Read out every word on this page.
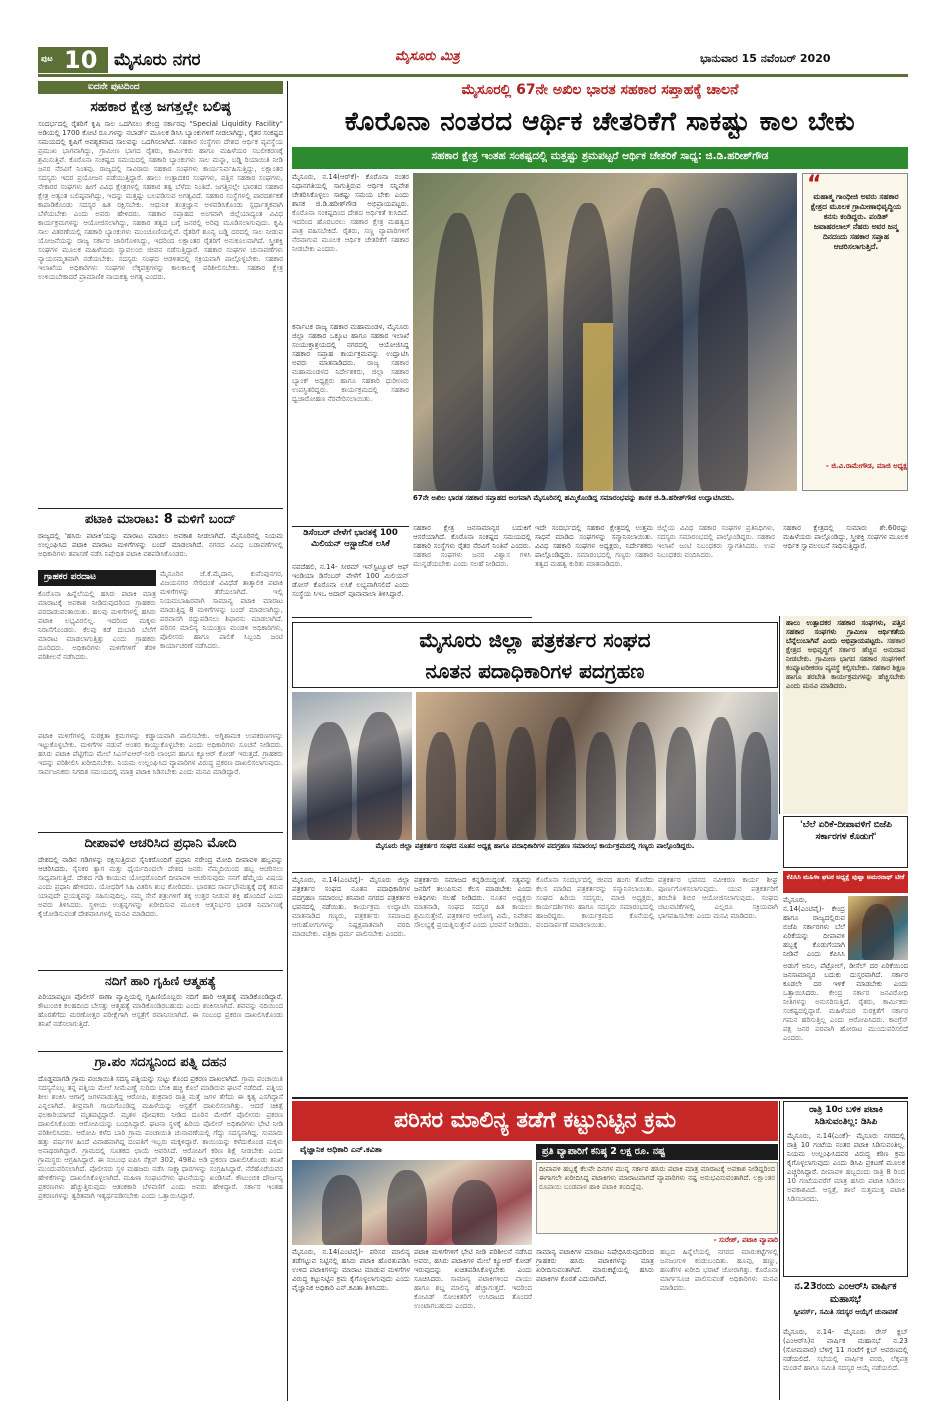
ಪುಟ 10 ಮೈಸೂರು ನಗರ	ಮೈಸೂರು ಮಿತ್ರ	ಭಾನುವಾರ 15 ನವೆಂಬರ್ 2020
ಐದನೇ ಪುಟದಿಂದ
ಸಹಕಾರ ಕ್ಷೇತ್ರ ಜಗತ್ತಲ್ಲೇ ಬಲಿಷ್ಠ
ಸಂದರ್ಭದಲ್ಲಿ ರೈತರಿಗೆ ಕೃಷಿ ಸಾಲ ಒದಗಿಸಲು ಕೇಂದ್ರ ಸರ್ಕಾರವು "Special Liquidity Facility" ಅಡಿಯಲ್ಲಿ 1700 ಕೋಟಿ ರೂ.ಗಳನ್ನು ನಬಾರ್ಡ್ ಮೂಲಕ ಡಿಸಿಸಿ ಬ್ಯಾಂಕುಗಳಿಗೆ ನೀಡಲಾಗಿದ್ದು, ರೈತರ ಸಂಕಷ್ಟದ ಸಮಯದಲ್ಲಿ ಕೃಷಿಗೆ ಅವಶ್ಯಕವಾದ ಸಾಲವನ್ನು ಒದಗಿಸಲಾಗಿದೆ. ಸಹಕಾರ ಸಂಸ್ಥೆಗಳು ದೇಶದ ಆರ್ಥಿಕ ವ್ಯವಸ್ಥೆಯ ಪ್ರಮುಖ ಭಾಗವಾಗಿದ್ದು, ಗ್ರಾಮೀಣ ಭಾಗದ ರೈತರು, ಕಾರ್ಮಿಕರು ಹಾಗೂ ಮಹಿಳೆಯರ ಸಬಲೀಕರಣಕ್ಕೆ ಶ್ರಮಿಸುತ್ತಿವೆ. ಕೊರೊನಾ ಸಂಕಷ್ಟದ ಸಮಯದಲ್ಲಿ ಸಹಕಾರಿ ಬ್ಯಾಂಕುಗಳು ಸಾಲ ಮನ್ನಾ, ಬಡ್ಡಿ ರಿಯಾಯಿತಿ ನೀಡಿ ಜನರ ನೆರವಿಗೆ ನಿಂತವು. ರಾಜ್ಯದಲ್ಲಿ ಸಾವಿರಾರು ಸಹಕಾರ ಸಂಘಗಳು ಕಾರ್ಯನಿರ್ವಹಿಸುತ್ತಿದ್ದು, ಲಕ್ಷಾಂತರ ಸದಸ್ಯರು ಇದರ ಪ್ರಯೋಜನ ಪಡೆಯುತ್ತಿದ್ದಾರೆ. ಹಾಲು ಉತ್ಪಾದಕರ ಸಂಘಗಳು, ಪತ್ತಿನ ಸಹಕಾರ ಸಂಘಗಳು, ನೇಕಾರರ ಸಂಘಗಳು ಹೀಗೆ ವಿವಿಧ ಕ್ಷೇತ್ರಗಳಲ್ಲಿ ಸಹಕಾರ ತತ್ವ ಬೆಳೆದು ನಿಂತಿದೆ. ಜಗತ್ತಿನಲ್ಲೇ ಭಾರತದ ಸಹಕಾರ ಕ್ಷೇತ್ರ ಅತ್ಯಂತ ಬಲಿಷ್ಠವಾಗಿದ್ದು, ಇದನ್ನು ಮತ್ತಷ್ಟು ಬಲಪಡಿಸುವ ಅಗತ್ಯವಿದೆ. ಸಹಕಾರ ಸಂಸ್ಥೆಗಳಲ್ಲಿ ಪಾರದರ್ಶಕತೆ ಕಾಪಾಡಿಕೊಂಡು ಸದಸ್ಯರ ಹಿತ ರಕ್ಷಿಸಬೇಕು. ಆಧುನಿಕ ತಂತ್ರಜ್ಞಾನ ಅಳವಡಿಸಿಕೊಂಡು ಸ್ಪರ್ಧಾತ್ಮಕವಾಗಿ ಬೆಳೆಯಬೇಕು ಎಂದು ಅವರು ಹೇಳಿದರು. ಸಹಕಾರ ಸಪ್ತಾಹದ ಅಂಗವಾಗಿ ಜಿಲ್ಲೆಯಾದ್ಯಂತ ವಿವಿಧ ಕಾರ್ಯಕ್ರಮಗಳನ್ನು ಆಯೋಜಿಸಲಾಗಿದ್ದು, ಸಹಕಾರ ತತ್ವದ ಬಗ್ಗೆ ಜನರಲ್ಲಿ ಅರಿವು ಮೂಡಿಸಲಾಗುವುದು. ಕೃಷಿ ಸಾಲ ವಿತರಣೆಯಲ್ಲಿ ಸಹಕಾರಿ ಬ್ಯಾಂಕುಗಳು ಮುಂಚೂಣಿಯಲ್ಲಿವೆ. ರೈತರಿಗೆ ಶೂನ್ಯ ಬಡ್ಡಿ ದರದಲ್ಲಿ ಸಾಲ ನೀಡುವ ಯೋಜನೆಯನ್ನು ರಾಜ್ಯ ಸರ್ಕಾರ ಜಾರಿಗೊಳಿಸಿದ್ದು, ಇದರಿಂದ ಲಕ್ಷಾಂತರ ರೈತರಿಗೆ ಅನುಕೂಲವಾಗಿದೆ. ಸ್ತ್ರೀಶಕ್ತಿ ಸಂಘಗಳ ಮೂಲಕ ಮಹಿಳೆಯರು ಸ್ವಾವಲಂಬಿ ಜೀವನ ನಡೆಸುತ್ತಿದ್ದಾರೆ. ಸಹಕಾರ ಸಂಘಗಳ ಚುನಾವಣೆಗಳು ನ್ಯಾಯಸಮ್ಮತವಾಗಿ ನಡೆಯಬೇಕು. ಸದಸ್ಯರು ಸಂಘದ ಆಡಳಿತದಲ್ಲಿ ಸಕ್ರಿಯವಾಗಿ ಪಾಲ್ಗೊಳ್ಳಬೇಕು. ಸಹಕಾರ ಇಲಾಖೆಯ ಅಧಿಕಾರಿಗಳು ಸಂಘಗಳ ಲೆಕ್ಕಪತ್ರಗಳನ್ನು ಕಾಲಕಾಲಕ್ಕೆ ಪರಿಶೀಲಿಸಬೇಕು. ಸಹಕಾರ ಕ್ಷೇತ್ರ ಉಳಿಯಬೇಕಾದರೆ ಪ್ರಾಮಾಣಿಕ ನಾಯಕತ್ವ ಅಗತ್ಯ ಎಂದರು.
ಪಟಾಕಿ ಮಾರಾಟ: 8 ಮಳಿಗೆ ಬಂದ್
ರಾಜ್ಯದಲ್ಲಿ 'ಹಸಿರು ಪಟಾಕಿ'ಯನ್ನು ಮಾರಾಟ ಮಾಡಲು ಅವಕಾಶ ನೀಡಲಾಗಿದೆ. ಮೈಸೂರಿನಲ್ಲಿ ನಿಯಮ ಉಲ್ಲಂಘಿಸಿದ ಪಟಾಕಿ ಮಾರಾಟ ಮಳಿಗೆಗಳನ್ನು ಬಂದ್ ಮಾಡಲಾಗಿದೆ. ನಗರದ ವಿವಿಧ ಬಡಾವಣೆಗಳಲ್ಲಿ ಅಧಿಕಾರಿಗಳು ತಪಾಸಣೆ ನಡೆಸಿ ನಿಷೇಧಿತ ಪಟಾಕಿ ವಶಪಡಿಸಿಕೊಂಡರು.
ಗ್ರಾಹಕರ ಪರದಾಟ
ಕೊರೊನಾ ಹಿನ್ನೆಲೆಯಲ್ಲಿ ಹಸಿರು ಪಟಾಕಿ ಮಾತ್ರ ಮಾರಾಟಕ್ಕೆ ಅವಕಾಶ ನೀಡಿರುವುದರಿಂದ ಗ್ರಾಹಕರು ಪರದಾಡುವಂತಾಯಿತು. ಹಲವು ಮಳಿಗೆಗಳಲ್ಲಿ ಹಸಿರು ಪಟಾಕಿ ಲಭ್ಯವಿರಲಿಲ್ಲ. ಇದರಿಂದ ಮಕ್ಕಳು ನಿರಾಸೆಗೊಂಡರು. ಕೆಲವು ಕಡೆ ದುಬಾರಿ ಬೆಲೆಗೆ ಮಾರಾಟ ಮಾಡಲಾಗುತ್ತಿತ್ತು ಎಂದು ಗ್ರಾಹಕರು ದೂರಿದರು. ಅಧಿಕಾರಿಗಳು ಮಳಿಗೆಗಳಿಗೆ ತೆರಳಿ ಪರಿಶೀಲನೆ ನಡೆಸಿದರು.
ಮೈಸೂರಿನ ಜೆ.ಕೆ.ಮೈದಾನ, ಕುವೆಂಪುನಗರ, ವಿಜಯನಗರ ಸೇರಿದಂತೆ ವಿವಿಧೆಡೆ ತಾತ್ಕಾಲಿಕ ಪಟಾಕಿ ಮಳಿಗೆಗಳನ್ನು ತೆರೆಯಲಾಗಿದೆ. ಇಲ್ಲಿ ನಿಯಮಬಾಹಿರವಾಗಿ ಸಾಮಾನ್ಯ ಪಟಾಕಿ ಮಾರಾಟ ಮಾಡುತ್ತಿದ್ದ 8 ಮಳಿಗೆಗಳನ್ನು ಬಂದ್ ಮಾಡಲಾಗಿದ್ದು, ಪರವಾನಗಿ ರದ್ದುಪಡಿಸಲು ಶಿಫಾರಸು ಮಾಡಲಾಗಿದೆ. ಪರಿಸರ ಮಾಲಿನ್ಯ ನಿಯಂತ್ರಣ ಮಂಡಳಿ ಅಧಿಕಾರಿಗಳು, ಪೊಲೀಸರು ಹಾಗೂ ಪಾಲಿಕೆ ಸಿಬ್ಬಂದಿ ಜಂಟಿ ಕಾರ್ಯಾಚರಣೆ ನಡೆಸಿದರು.
ಪಟಾಕಿ ಮಳಿಗೆಗಳಲ್ಲಿ ಸುರಕ್ಷತಾ ಕ್ರಮಗಳನ್ನು ಕಡ್ಡಾಯವಾಗಿ ಪಾಲಿಸಬೇಕು. ಅಗ್ನಿಶಾಮಕ ಉಪಕರಣಗಳನ್ನು ಇಟ್ಟುಕೊಳ್ಳಬೇಕು. ಮಳಿಗೆಗಳ ನಡುವೆ ಅಂತರ ಕಾಯ್ದುಕೊಳ್ಳಬೇಕು ಎಂದು ಅಧಿಕಾರಿಗಳು ಸೂಚನೆ ನೀಡಿದರು. ಹಸಿರು ಪಟಾಕಿ ಪೆಟ್ಟಿಗೆಯ ಮೇಲೆ ಸಿಎಸ್‌ಐಆರ್-ನೀರಿ ಲಾಂಛನ ಹಾಗೂ ಕ್ಯೂಆರ್ ಕೋಡ್ ಇರುತ್ತದೆ. ಗ್ರಾಹಕರು ಇದನ್ನು ಪರಿಶೀಲಿಸಿ ಖರೀದಿಸಬೇಕು. ನಿಯಮ ಉಲ್ಲಂಘಿಸಿದ ವ್ಯಾಪಾರಿಗಳ ವಿರುದ್ಧ ಪ್ರಕರಣ ದಾಖಲಿಸಲಾಗುವುದು. ಸಾರ್ವಜನಿಕರು ನಿಗದಿತ ಸಮಯದಲ್ಲಿ ಮಾತ್ರ ಪಟಾಕಿ ಸಿಡಿಸಬೇಕು ಎಂದು ಮನವಿ ಮಾಡಿದ್ದಾರೆ.
ದೀಪಾವಳಿ ಆಚರಿಸಿದ ಪ್ರಧಾನಿ ಮೋದಿ
ದೇಶದಲ್ಲಿ ನಾಡಿನ ಗಡಿಗಳನ್ನು ರಕ್ಷಿಸುತ್ತಿರುವ ಸೈನಿಕರೊಂದಿಗೆ ಪ್ರಧಾನಿ ನರೇಂದ್ರ ಮೋದಿ ದೀಪಾವಳಿ ಹಬ್ಬವನ್ನು ಆಚರಿಸಿದರು. ಸೈನಿಕರ ತ್ಯಾಗ ಮತ್ತು ಧೈರ್ಯದಿಂದಲೇ ದೇಶದ ಜನರು ನೆಮ್ಮದಿಯಿಂದ ಹಬ್ಬ ಆಚರಿಸಲು ಸಾಧ್ಯವಾಗುತ್ತಿದೆ. ದೇಶದ ಗಡಿ ಕಾಯುವ ಯೋಧರೊಂದಿಗೆ ದೀಪಾವಳಿ ಆಚರಿಸುವುದು ನನಗೆ ಹೆಮ್ಮೆಯ ವಿಷಯ ಎಂದು ಪ್ರಧಾನಿ ಹೇಳಿದರು. ಯೋಧರಿಗೆ ಸಿಹಿ ವಿತರಿಸಿ ಶುಭ ಕೋರಿದರು. ಭಾರತದ ಸಾರ್ವಭೌಮತ್ವಕ್ಕೆ ಧಕ್ಕೆ ತರುವ ಯಾವುದೇ ಪ್ರಯತ್ನವನ್ನು ಸಹಿಸುವುದಿಲ್ಲ. ನಮ್ಮ ಸೇನೆ ಶತ್ರುಗಳಿಗೆ ತಕ್ಕ ಉತ್ತರ ನೀಡುವ ಶಕ್ತಿ ಹೊಂದಿದೆ ಎಂದು ಅವರು ತಿಳಿಸಿದರು. ಸ್ಥಳೀಯ ಉತ್ಪನ್ನಗಳನ್ನು ಖರೀದಿಸುವ ಮೂಲಕ ಆತ್ಮನಿರ್ಭರ ಭಾರತ ನಿರ್ಮಾಣಕ್ಕೆ ಕೈಜೋಡಿಸುವಂತೆ ದೇಶವಾಸಿಗಳಲ್ಲಿ ಮನವಿ ಮಾಡಿದರು.
ನದಿಗೆ ಹಾರಿ ಗೃಹಿಣಿ ಆತ್ಮಹತ್ಯೆ
ಪಿರಿಯಾಪಟ್ಟಣ ಪೊಲೀಸ್ ಠಾಣಾ ವ್ಯಾಪ್ತಿಯಲ್ಲಿ ಗೃಹಿಣಿಯೊಬ್ಬರು ನದಿಗೆ ಹಾರಿ ಆತ್ಮಹತ್ಯೆ ಮಾಡಿಕೊಂಡಿದ್ದಾರೆ. ಕೌಟುಂಬಿಕ ಕಲಹದಿಂದ ಬೇಸತ್ತು ಆತ್ಮಹತ್ಯೆ ಮಾಡಿಕೊಂಡಿರಬಹುದು ಎಂದು ಶಂಕಿಸಲಾಗಿದೆ. ಶವವನ್ನು ನದಿಯಿಂದ ಹೊರತೆಗೆದು ಮರಣೋತ್ತರ ಪರೀಕ್ಷೆಗಾಗಿ ಆಸ್ಪತ್ರೆಗೆ ರವಾನಿಸಲಾಗಿದೆ. ಈ ಸಂಬಂಧ ಪ್ರಕರಣ ದಾಖಲಿಸಿಕೊಂಡು ತನಿಖೆ ನಡೆಸಲಾಗುತ್ತಿದೆ.
ಗ್ರಾ.ಪಂ ಸದಸ್ಯನಿಂದ ಪತ್ನಿ ದಹನ
ದೊಡ್ಡಮಾಗಡಿ ಗ್ರಾಮ ಪಂಚಾಯಿತಿ ಸದಸ್ಯ ಪತ್ನಿಯನ್ನು ಸುಟ್ಟು ಕೊಂದ ಪ್ರಕರಣ ದಾಖಲಾಗಿದೆ. ಗ್ರಾಮ ಪಂಚಾಯಿತಿ ಸದಸ್ಯನೊಬ್ಬ ತನ್ನ ಪತ್ನಿಯ ಮೇಲೆ ಸೀಮೆಎಣ್ಣೆ ಸುರಿದು ಬೆಂಕಿ ಹಚ್ಚಿ ಕೊಲೆ ಮಾಡಿರುವ ಘಟನೆ ನಡೆದಿದೆ. ಪತ್ನಿಯ ಶೀಲ ಶಂಕಿಸಿ ಆಗಾಗ್ಗೆ ಜಗಳವಾಡುತ್ತಿದ್ದ ಆರೋಪಿ, ಶುಕ್ರವಾರ ರಾತ್ರಿ ಮತ್ತೆ ಜಗಳ ತೆಗೆದು ಈ ಕೃತ್ಯ ಎಸಗಿದ್ದಾನೆ ಎನ್ನಲಾಗಿದೆ. ತೀವ್ರವಾಗಿ ಗಾಯಗೊಂಡಿದ್ದ ಮಹಿಳೆಯನ್ನು ಆಸ್ಪತ್ರೆಗೆ ದಾಖಲಿಸಲಾಗಿತ್ತು. ಆದರೆ ಚಿಕಿತ್ಸೆ ಫಲಕಾರಿಯಾಗದೆ ಮೃತಪಟ್ಟಿದ್ದಾರೆ. ಮೃತಳ ಪೋಷಕರು ನೀಡಿದ ದೂರಿನ ಮೇರೆಗೆ ಪೊಲೀಸರು ಪ್ರಕರಣ ದಾಖಲಿಸಿಕೊಂಡು ಆರೋಪಿಯನ್ನು ಬಂಧಿಸಿದ್ದಾರೆ. ಘಟನಾ ಸ್ಥಳಕ್ಕೆ ಹಿರಿಯ ಪೊಲೀಸ್ ಅಧಿಕಾರಿಗಳು ಭೇಟಿ ನೀಡಿ ಪರಿಶೀಲಿಸಿದರು. ಆರೋಪಿ ಕಳೆದ ಬಾರಿ ಗ್ರಾಮ ಪಂಚಾಯಿತಿ ಚುನಾವಣೆಯಲ್ಲಿ ಗೆದ್ದು ಸದಸ್ಯನಾಗಿದ್ದ. ಸುಮಾರು ಹತ್ತು ವರ್ಷಗಳ ಹಿಂದೆ ವಿವಾಹವಾಗಿದ್ದ ದಂಪತಿಗೆ ಇಬ್ಬರು ಮಕ್ಕಳಿದ್ದಾರೆ. ತಾಯಿಯನ್ನು ಕಳೆದುಕೊಂಡ ಮಕ್ಕಳು ಅನಾಥರಾಗಿದ್ದಾರೆ. ಗ್ರಾಮದಲ್ಲಿ ಸೂತಕದ ಛಾಯೆ ಆವರಿಸಿದೆ. ಆರೋಪಿಗೆ ಕಠಿಣ ಶಿಕ್ಷೆ ನೀಡಬೇಕು ಎಂದು ಗ್ರಾಮಸ್ಥರು ಆಗ್ರಹಿಸಿದ್ದಾರೆ. ಈ ಸಂಬಂಧ ಐಪಿಸಿ ಸೆಕ್ಷನ್ 302, 498ಎ ಅಡಿ ಪ್ರಕರಣ ದಾಖಲಿಸಿಕೊಂಡು ತನಿಖೆ ಮುಂದುವರಿಸಲಾಗಿದೆ. ಪೊಲೀಸರು ಸ್ಥಳ ಮಹಜರು ನಡೆಸಿ ಸಾಕ್ಷ್ಯಾಧಾರಗಳನ್ನು ಸಂಗ್ರಹಿಸಿದ್ದಾರೆ. ನೆರೆಹೊರೆಯವರ ಹೇಳಿಕೆಗಳನ್ನು ದಾಖಲಿಸಿಕೊಳ್ಳಲಾಗಿದೆ. ಮಹಿಳಾ ಸಂಘಟನೆಗಳು ಘಟನೆಯನ್ನು ಖಂಡಿಸಿವೆ. ಕೌಟುಂಬಿಕ ದೌರ್ಜನ್ಯ ಪ್ರಕರಣಗಳು ಹೆಚ್ಚುತ್ತಿರುವುದು ಆತಂಕಕಾರಿ ಬೆಳವಣಿಗೆ ಎಂದು ಅವರು ಹೇಳಿದ್ದಾರೆ. ಸರ್ಕಾರ ಇಂತಹ ಪ್ರಕರಣಗಳನ್ನು ತ್ವರಿತವಾಗಿ ಇತ್ಯರ್ಥಪಡಿಸಬೇಕು ಎಂದು ಒತ್ತಾಯಿಸಿದ್ದಾರೆ.
ಮೈಸೂರಲ್ಲಿ 67ನೇ ಅಖಿಲ ಭಾರತ ಸಹಕಾರ ಸಪ್ತಾಹಕ್ಕೆ ಚಾಲನೆ
ಕೊರೊನಾ ನಂತರದ ಆರ್ಥಿಕ ಚೇತರಿಕೆಗೆ ಸಾಕಷ್ಟು ಕಾಲ ಬೇಕು
ಸಹಕಾರ ಕ್ಷೇತ್ರ ಇಂತಹ ಸಂಕಷ್ಟದಲ್ಲಿ ಮತ್ತಷ್ಟು ಶ್ರಮಪಟ್ಟರೆ ಆರ್ಥಿಕ ಚೇತರಿಕೆ ಸಾಧ್ಯ: ಜಿ.ಡಿ.ಹರೀಶ್‌ಗೌಡ
ಮೈಸೂರು, ನ.14(ಆರ್‌ಕೆ)- ಕೊರೊನಾ ನಂತರ ನಿಧಾನಗತಿಯಲ್ಲಿ ಸಾಗುತ್ತಿರುವ ಆರ್ಥಿಕ ಸನ್ನಿವೇಶ ಚೇತರಿಸಿಕೊಳ್ಳಲು ಸಾಕಷ್ಟು ಸಮಯ ಬೇಕು ಎಂದು ಶಾಸಕ ಜಿ.ಡಿ.ಹರೀಶ್‌ಗೌಡ ಅಭಿಪ್ರಾಯಪಟ್ಟರು. ಕೊರೊನಾ ಸಂಕಷ್ಟದಿಂದ ದೇಶದ ಆರ್ಥಿಕತೆ ಕುಸಿದಿದೆ. ಇದರಿಂದ ಹೊರಬರಲು ಸಹಕಾರ ಕ್ಷೇತ್ರ ಮಹತ್ವದ ಪಾತ್ರ ವಹಿಸಬೇಕಿದೆ. ರೈತರು, ಸಣ್ಣ ವ್ಯಾಪಾರಿಗಳಿಗೆ ನೆರವಾಗುವ ಮೂಲಕ ಆರ್ಥಿಕ ಚೇತರಿಕೆಗೆ ಸಹಕಾರ ನೀಡಬೇಕು ಎಂದರು.
ಕರ್ನಾಟಕ ರಾಜ್ಯ ಸಹಕಾರ ಮಹಾಮಂಡಳ, ಮೈಸೂರು ಜಿಲ್ಲಾ ಸಹಕಾರ ಒಕ್ಕೂಟ ಹಾಗೂ ಸಹಕಾರ ಇಲಾಖೆ ಸಂಯುಕ್ತಾಶ್ರಯದಲ್ಲಿ ನಗರದಲ್ಲಿ ಆಯೋಜಿಸಿದ್ದ ಸಹಕಾರ ಸಪ್ತಾಹ ಕಾರ್ಯಕ್ರಮವನ್ನು ಉದ್ಘಾಟಿಸಿ ಅವರು ಮಾತನಾಡಿದರು. ರಾಜ್ಯ ಸಹಕಾರ ಮಹಾಮಂಡಳದ ನಿರ್ದೇಶಕರು, ಜಿಲ್ಲಾ ಸಹಕಾರ ಬ್ಯಾಂಕ್ ಅಧ್ಯಕ್ಷರು ಹಾಗೂ ಸಹಕಾರಿ ಧುರೀಣರು ಉಪಸ್ಥಿತರಿದ್ದರು. ಕಾರ್ಯಕ್ರಮದಲ್ಲಿ ಸಹಕಾರ ಧ್ವಜಾರೋಹಣ ನೆರವೇರಿಸಲಾಯಿತು.
“
ಮಹಾತ್ಮ ಗಾಂಧೀಜಿ ಅವರು ಸಹಕಾರ ಕ್ಷೇತ್ರದ ಮೂಲಕ ಗ್ರಾಮೀಣಾಭಿವೃದ್ಧಿಯ ಕನಸು ಕಂಡಿದ್ದರು. ಪಂಡಿತ್ ಜವಾಹರಲಾಲ್ ನೆಹರು ಅವರ ಜನ್ಮ ದಿನದಂದು ಸಹಕಾರ ಸಪ್ತಾಹ ಆಚರಿಸಲಾಗುತ್ತಿದೆ.
- ಜಿ.ವಿ.ರಾಮೇಗೌಡ, ಮಾಜಿ ಅಧ್ಯಕ್ಷ
67ನೇ ಅಖಿಲ ಭಾರತ ಸಹಕಾರ ಸಪ್ತಾಹದ ಅಂಗವಾಗಿ ಮೈಸೂರಿನಲ್ಲಿ ಹಮ್ಮಿಕೊಂಡಿದ್ದ ಸಮಾರಂಭವನ್ನು ಶಾಸಕ ಜಿ.ಡಿ.ಹರೀಶ್‌ಗೌಡ ಉದ್ಘಾಟಿಸಿದರು.
ಸಹಕಾರ ಕ್ಷೇತ್ರ ಜನಸಾಮಾನ್ಯರ ಬದುಕಿಗೆ ಆಸರೆಯಾಗಿದೆ. ಕೊರೊನಾ ಸಂಕಷ್ಟದ ಸಮಯದಲ್ಲಿ ಸಹಕಾರಿ ಸಂಸ್ಥೆಗಳು ರೈತರ ನೆರವಿಗೆ ನಿಂತಿವೆ ಎಂದರು. ಸಹಕಾರ ಸಂಘಗಳು ಜನರ ವಿಶ್ವಾಸ ಗಳಿಸಿ ಮುನ್ನಡೆಯಬೇಕು ಎಂದು ಸಲಹೆ ನೀಡಿದರು.
ಇದೇ ಸಂದರ್ಭದಲ್ಲಿ ಸಹಕಾರ ಕ್ಷೇತ್ರದಲ್ಲಿ ಉತ್ತಮ ಸಾಧನೆ ಮಾಡಿದ ಸಂಘಗಳನ್ನು ಸನ್ಮಾನಿಸಲಾಯಿತು. ವಿವಿಧ ಸಹಕಾರಿ ಸಂಘಗಳ ಅಧ್ಯಕ್ಷರು, ನಿರ್ದೇಶಕರು ಪಾಲ್ಗೊಂಡಿದ್ದರು. ಸಮಾರಂಭದಲ್ಲಿ ಗಣ್ಯರು ಸಹಕಾರ ತತ್ವದ ಮಹತ್ವ ಕುರಿತು ಮಾತನಾಡಿದರು.
ಜಿಲ್ಲೆಯ ವಿವಿಧ ಸಹಕಾರ ಸಂಘಗಳ ಪ್ರತಿನಿಧಿಗಳು, ಸದಸ್ಯರು ಸಮಾರಂಭದಲ್ಲಿ ಪಾಲ್ಗೊಂಡಿದ್ದರು. ಸಹಕಾರ ಇಲಾಖೆ ಜಂಟಿ ನಿಬಂಧಕರು ಸ್ವಾಗತಿಸಿದರು. ಉಪ ನಿಬಂಧಕರು ವಂದಿಸಿದರು.
ಸಹಕಾರ ಕ್ಷೇತ್ರದಲ್ಲಿ ಸುಮಾರು ಶೇ.60ರಷ್ಟು ಮಹಿಳೆಯರು ಪಾಲ್ಗೊಂಡಿದ್ದು, ಸ್ತ್ರೀಶಕ್ತಿ ಸಂಘಗಳ ಮೂಲಕ ಆರ್ಥಿಕ ಸ್ವಾವಲಂಬನೆ ಸಾಧಿಸುತ್ತಿದ್ದಾರೆ.
ಹಾಲು ಉತ್ಪಾದಕರ ಸಹಕಾರ ಸಂಘಗಳು, ಪತ್ತಿನ ಸಹಕಾರ ಸಂಘಗಳು ಗ್ರಾಮೀಣ ಆರ್ಥಿಕತೆಯ ಬೆನ್ನೆಲುಬಾಗಿವೆ ಎಂದು ಅಭಿಪ್ರಾಯಪಟ್ಟರು. ಸಹಕಾರ ಕ್ಷೇತ್ರದ ಅಭಿವೃದ್ಧಿಗೆ ಸರ್ಕಾರ ಹೆಚ್ಚಿನ ಅನುದಾನ ನೀಡಬೇಕು. ಗ್ರಾಮೀಣ ಭಾಗದ ಸಹಕಾರ ಸಂಘಗಳಿಗೆ ಕಂಪ್ಯೂಟರೀಕರಣ ವ್ಯವಸ್ಥೆ ಕಲ್ಪಿಸಬೇಕು. ಸಹಕಾರ ಶಿಕ್ಷಣ ಹಾಗೂ ತರಬೇತಿ ಕಾರ್ಯಕ್ರಮಗಳನ್ನು ಹೆಚ್ಚಿಸಬೇಕು ಎಂದು ಮನವಿ ಮಾಡಿದರು.
ಮೈಸೂರು ಜಿಲ್ಲಾ ಪತ್ರಕರ್ತರ ಸಂಘದ
ನೂತನ ಪದಾಧಿಕಾರಿಗಳ ಪದಗ್ರಹಣ
ಮೈಸೂರು ಜಿಲ್ಲಾ ಪತ್ರಕರ್ತರ ಸಂಘದ ನೂತನ ಅಧ್ಯಕ್ಷ ಹಾಗೂ ಪದಾಧಿಕಾರಿಗಳ ಪದಗ್ರಹಣ ಸಮಾರಂಭ ಕಾರ್ಯಕ್ರಮದಲ್ಲಿ ಗಣ್ಯರು ಪಾಲ್ಗೊಂಡಿದ್ದರು.
ಮೈಸೂರು, ನ.14(ಎಂಟಿವೈ)- ಮೈಸೂರು ಜಿಲ್ಲಾ ಪತ್ರಕರ್ತರ ಸಂಘದ ನೂತನ ಪದಾಧಿಕಾರಿಗಳ ಪದಗ್ರಹಣ ಸಮಾರಂಭ ಶನಿವಾರ ನಗರದ ಪತ್ರಕರ್ತರ ಭವನದಲ್ಲಿ ನಡೆಯಿತು. ಕಾರ್ಯಕ್ರಮ ಉದ್ಘಾಟಿಸಿ ಮಾತನಾಡಿದ ಗಣ್ಯರು, ಪತ್ರಕರ್ತರು ಸಮಾಜದ ಆಗುಹೋಗುಗಳನ್ನು ನಿಷ್ಪಕ್ಷಪಾತವಾಗಿ ವರದಿ ಮಾಡಬೇಕು. ಪತ್ರಿಕಾ ಧರ್ಮ ಪಾಲಿಸಬೇಕು ಎಂದರು.
ಪತ್ರಕರ್ತರು ಸಮಾಜದ ಕನ್ನಡಿಯಿದ್ದಂತೆ. ಸತ್ಯವನ್ನು ಜನರಿಗೆ ತಲುಪಿಸುವ ಕೆಲಸ ಮಾಡಬೇಕು ಎಂದು ಅತಿಥಿಗಳು ಸಲಹೆ ನೀಡಿದರು. ನೂತನ ಅಧ್ಯಕ್ಷರು ಮಾತನಾಡಿ, ಸಂಘದ ಸದಸ್ಯರ ಹಿತ ಕಾಯಲು ಶ್ರಮಿಸುತ್ತೇನೆ. ಪತ್ರಕರ್ತರ ಆರೋಗ್ಯ ವಿಮೆ, ನಿವೇಶನ ಸೌಲಭ್ಯಕ್ಕೆ ಪ್ರಯತ್ನಿಸುತ್ತೇನೆ ಎಂದು ಭರವಸೆ ನೀಡಿದರು.
ಕೊರೊನಾ ಸಂದರ್ಭದಲ್ಲಿ ಜೀವದ ಹಂಗು ತೊರೆದು ಕೆಲಸ ಮಾಡಿದ ಪತ್ರಕರ್ತರನ್ನು ಸನ್ಮಾನಿಸಲಾಯಿತು. ಸಂಘದ ಹಿರಿಯ ಸದಸ್ಯರು, ಮಾಜಿ ಅಧ್ಯಕ್ಷರು, ಕಾರ್ಯದರ್ಶಿಗಳು ಹಾಗೂ ಸದಸ್ಯರು ಸಮಾರಂಭದಲ್ಲಿ ಹಾಜರಿದ್ದರು. ಕಾರ್ಯಕ್ರಮದ ಕೊನೆಯಲ್ಲಿ ವಂದನಾರ್ಪಣೆ ಮಾಡಲಾಯಿತು.
ಪತ್ರಕರ್ತರ ಭವನದ ನವೀಕರಣ ಕಾರ್ಯ ಶೀಘ್ರ ಪೂರ್ಣಗೊಳಿಸಲಾಗುವುದು. ಯುವ ಪತ್ರಕರ್ತರಿಗೆ ತರಬೇತಿ ಶಿಬಿರ ಆಯೋಜಿಸಲಾಗುವುದು. ಸಂಘದ ಚಟುವಟಿಕೆಗಳಲ್ಲಿ ಎಲ್ಲರೂ ಸಕ್ರಿಯವಾಗಿ ಭಾಗವಹಿಸಬೇಕು ಎಂದು ಮನವಿ ಮಾಡಿದರು.
ಪರಿಸರ ಮಾಲಿನ್ಯ ತಡೆಗೆ ಕಟ್ಟುನಿಟ್ಟಿನ ಕ್ರಮ
ವೈಜ್ಞಾನಿಕ ಅಧಿಕಾರಿ ಎನ್.ಕವಿತಾ
ಮೈಸೂರು, ನ.14(ಎಂಟಿವೈ)- ಪರಿಸರ ಮಾಲಿನ್ಯ ತಡೆಗಟ್ಟುವ ನಿಟ್ಟಿನಲ್ಲಿ ಹಸಿರು ಪಟಾಕಿ ಹೊರತುಪಡಿಸಿ ಉಳಿದ ಪಟಾಕಿಗಳನ್ನು ಮಾರಾಟ ಮಾಡುವ ಮಳಿಗೆಗಳ ವಿರುದ್ಧ ಕಟ್ಟುನಿಟ್ಟಿನ ಕ್ರಮ ಕೈಗೊಳ್ಳಲಾಗುವುದು ಎಂದು ವೈಜ್ಞಾನಿಕ ಅಧಿಕಾರಿ ಎನ್.ಕವಿತಾ ತಿಳಿಸಿದರು.
ಪಟಾಕಿ ಮಳಿಗೆಗಳಿಗೆ ಭೇಟಿ ನೀಡಿ ಪರಿಶೀಲನೆ ನಡೆಸಿದ ಅವರು, ಹಸಿರು ಪಟಾಕಿಗಳ ಮೇಲೆ ಕ್ಯೂಆರ್ ಕೋಡ್ ಇರುವುದನ್ನು ಖಚಿತಪಡಿಸಿಕೊಳ್ಳಬೇಕು ಎಂದು ಸೂಚಿಸಿದರು. ಸಾಮಾನ್ಯ ಪಟಾಕಿಗಳಿಂದ ವಾಯು ಹಾಗೂ ಶಬ್ದ ಮಾಲಿನ್ಯ ಹೆಚ್ಚಾಗುತ್ತದೆ. ಇದರಿಂದ ಕೋವಿಡ್ ಸೋಂಕಿತರಿಗೆ ಉಸಿರಾಟದ ತೊಂದರೆ ಉಂಟಾಗಬಹುದು ಎಂದರು.
ಪ್ರತಿ ವ್ಯಾಪಾರಿಗೆ ಕನಿಷ್ಠ 2 ಲಕ್ಷ ರೂ. ನಷ್ಟ
ದೀಪಾವಳಿ ಹಬ್ಬಕ್ಕೆ ಕೆಲವೇ ದಿನಗಳ ಮುನ್ನ ಸರ್ಕಾರ ಹಸಿರು ಪಟಾಕಿ ಮಾತ್ರ ಮಾರಾಟಕ್ಕೆ ಅವಕಾಶ ನೀಡಿದ್ದರಿಂದ ಈಗಾಗಲೇ ಖರೀದಿಸಿದ್ದ ಪಟಾಕಿಗಳು ಮಾರಾಟವಾಗದೆ ವ್ಯಾಪಾರಿಗಳು ನಷ್ಟ ಅನುಭವಿಸುವಂತಾಗಿದೆ. ಲಕ್ಷಾಂತರ ರೂಪಾಯಿ ಬಂಡವಾಳ ಹಾಕಿ ಪಟಾಕಿ ತಂದಿದ್ದೆವು.
- ಸುರೇಶ್, ಪಟಾಕಿ ವ್ಯಾಪಾರಿ
ಸಾಮಾನ್ಯ ಪಟಾಕಿಗಳ ಮಾರಾಟ ನಿಷೇಧಿಸಿರುವುದರಿಂದ ಗ್ರಾಹಕರು ಹಸಿರು ಪಟಾಕಿಗಳನ್ನು ಮಾತ್ರ ಖರೀದಿಸುವಂತಾಗಿದೆ. ಮಾರುಕಟ್ಟೆಯಲ್ಲಿ ಹಸಿರು ಪಟಾಕಿಗಳ ಕೊರತೆ ಎದುರಾಗಿದೆ.
ಹಬ್ಬದ ಹಿನ್ನೆಲೆಯಲ್ಲಿ ನಗರದ ಮಾರುಕಟ್ಟೆಗಳಲ್ಲಿ ಜನಜಂಗುಳಿ ಕಂಡುಬಂದಿತು. ಹೂವು, ಹಣ್ಣು, ಹಣತೆಗಳ ಖರೀದಿ ಭರಾಟೆ ಜೋರಾಗಿತ್ತು. ಕೊರೊನಾ ಮಾರ್ಗಸೂಚಿ ಪಾಲಿಸುವಂತೆ ಅಧಿಕಾರಿಗಳು ಮನವಿ ಮಾಡಿದರು.
ರಾತ್ರಿ 10ರ ಬಳಿಕ ಪಟಾಕಿ ಸಿಡಿಸುವಂತಿಲ್ಲ: ಡಿಸಿಪಿ
ಮೈಸೂರು, ನ.14(ಎಂಕೆ)- ಮೈಸೂರು ನಗರದಲ್ಲಿ ರಾತ್ರಿ 10 ಗಂಟೆಯ ನಂತರ ಪಟಾಕಿ ಸಿಡಿಸುವಂತಿಲ್ಲ. ನಿಯಮ ಉಲ್ಲಂಘಿಸಿದವರ ವಿರುದ್ಧ ಕಠಿಣ ಕ್ರಮ ಕೈಗೊಳ್ಳಲಾಗುವುದು ಎಂದು ಡಿಸಿಪಿ ಪ್ರಕಟಣೆ ಮೂಲಕ ಎಚ್ಚರಿಸಿದ್ದಾರೆ. ದೀಪಾವಳಿ ಹಬ್ಬದಂದು ರಾತ್ರಿ 8 ರಿಂದ 10 ಗಂಟೆಯವರೆಗೆ ಮಾತ್ರ ಹಸಿರು ಪಟಾಕಿ ಸಿಡಿಸಲು ಅವಕಾಶವಿದೆ. ಆಸ್ಪತ್ರೆ, ಶಾಲೆ ಸುತ್ತಮುತ್ತ ಪಟಾಕಿ ಸಿಡಿಸಬಾರದು.
ನ.23ರಂದು ಎಂಆರ್‌ಸಿ ವಾರ್ಷಿಕ ಮಹಾಸಭೆ
ಸ್ವೀಪರ್ಸ್, ಸಮಿತಿ ಸದಸ್ಯರ ಆಯ್ಕೆಗೆ ಚುನಾವಣೆ
ಮೈಸೂರು, ನ.14- ಮೈಸೂರು ರೇಸ್ ಕ್ಲಬ್ (ಎಂಆರ್‌ಸಿ)ನ ವಾರ್ಷಿಕ ಮಹಾಸಭೆ ನ.23 (ಸೋಮವಾರ) ಬೆಳಿಗ್ಗೆ 11 ಗಂಟೆಗೆ ಕ್ಲಬ್ ಆವರಣದಲ್ಲಿ ನಡೆಯಲಿದೆ. ಸಭೆಯಲ್ಲಿ ವಾರ್ಷಿಕ ವರದಿ, ಲೆಕ್ಕಪತ್ರ ಮಂಡನೆ ಹಾಗೂ ಸಮಿತಿ ಸದಸ್ಯರ ಆಯ್ಕೆ ನಡೆಯಲಿದೆ.
'ಬೆಲೆ ಏರಿಕೆ-ದೀಪಾವಳಿಗೆ ಬಿಜೆಪಿ ಸರ್ಕಾರಗಳ ಕೊಡುಗೆ'
ಕೆಪಿಸಿಸಿ ಮಹಿಳಾ ಘಟಕ ಅಧ್ಯಕ್ಷೆ ಪುಷ್ಪಾ ಅಮರನಾಥ್ ಟೀಕೆ
ಮೈಸೂರು, ನ.14(ಎಂಟಿವೈ)- ಕೇಂದ್ರ ಹಾಗೂ ರಾಜ್ಯದಲ್ಲಿರುವ ಬಿಜೆಪಿ ಸರ್ಕಾರಗಳು ಬೆಲೆ ಏರಿಕೆಯನ್ನು ದೀಪಾವಳಿ ಹಬ್ಬಕ್ಕೆ ಕೊಡುಗೆಯಾಗಿ ನೀಡಿವೆ ಎಂದು ಕೆಪಿಸಿಸಿ
ಅಡುಗೆ ಅನಿಲ, ಪೆಟ್ರೋಲ್, ಡೀಸೆಲ್ ದರ ಏರಿಕೆಯಿಂದ ಜನಸಾಮಾನ್ಯರ ಬದುಕು ದುಸ್ತರವಾಗಿದೆ. ಸರ್ಕಾರ ಕೂಡಲೇ ದರ ಇಳಿಕೆ ಮಾಡಬೇಕು ಎಂದು ಒತ್ತಾಯಿಸಿದರು. ಕೇಂದ್ರ ಸರ್ಕಾರ ಜನವಿರೋಧಿ ನೀತಿಗಳನ್ನು ಅನುಸರಿಸುತ್ತಿದೆ. ರೈತರು, ಕಾರ್ಮಿಕರು ಸಂಕಷ್ಟದಲ್ಲಿದ್ದಾರೆ. ಮಹಿಳೆಯರ ಸುರಕ್ಷತೆಗೆ ಸರ್ಕಾರ ಗಮನ ಹರಿಸುತ್ತಿಲ್ಲ ಎಂದು ಆರೋಪಿಸಿದರು. ಕಾಂಗ್ರೆಸ್ ಪಕ್ಷ ಜನರ ಪರವಾಗಿ ಹೋರಾಟ ಮುಂದುವರಿಸಲಿದೆ ಎಂದರು.
ಡಿಸೆಂಬರ್ ವೇಳೆಗೆ ಭಾರತಕ್ಕೆ 100 ಮಿಲಿಯನ್ ಆಸ್ಟ್ರಾಜೆನಿಕ ಲಸಿಕೆ
ನವದೆಹಲಿ, ನ.14- ಸೀರಮ್ ಇನ್‌ಸ್ಟಿಟ್ಯೂಟ್ ಆಫ್ ಇಂಡಿಯಾ ಡಿಸೆಂಬರ್ ವೇಳೆಗೆ 100 ಮಿಲಿಯನ್ ಡೋಸ್ ಕೊರೊನಾ ಲಸಿಕೆ ಲಭ್ಯವಾಗಿಸಲಿದೆ ಎಂದು ಸಂಸ್ಥೆಯ ಸಿಇಒ ಅದಾರ್ ಪೂನಾವಾಲಾ ತಿಳಿಸಿದ್ದಾರೆ.
